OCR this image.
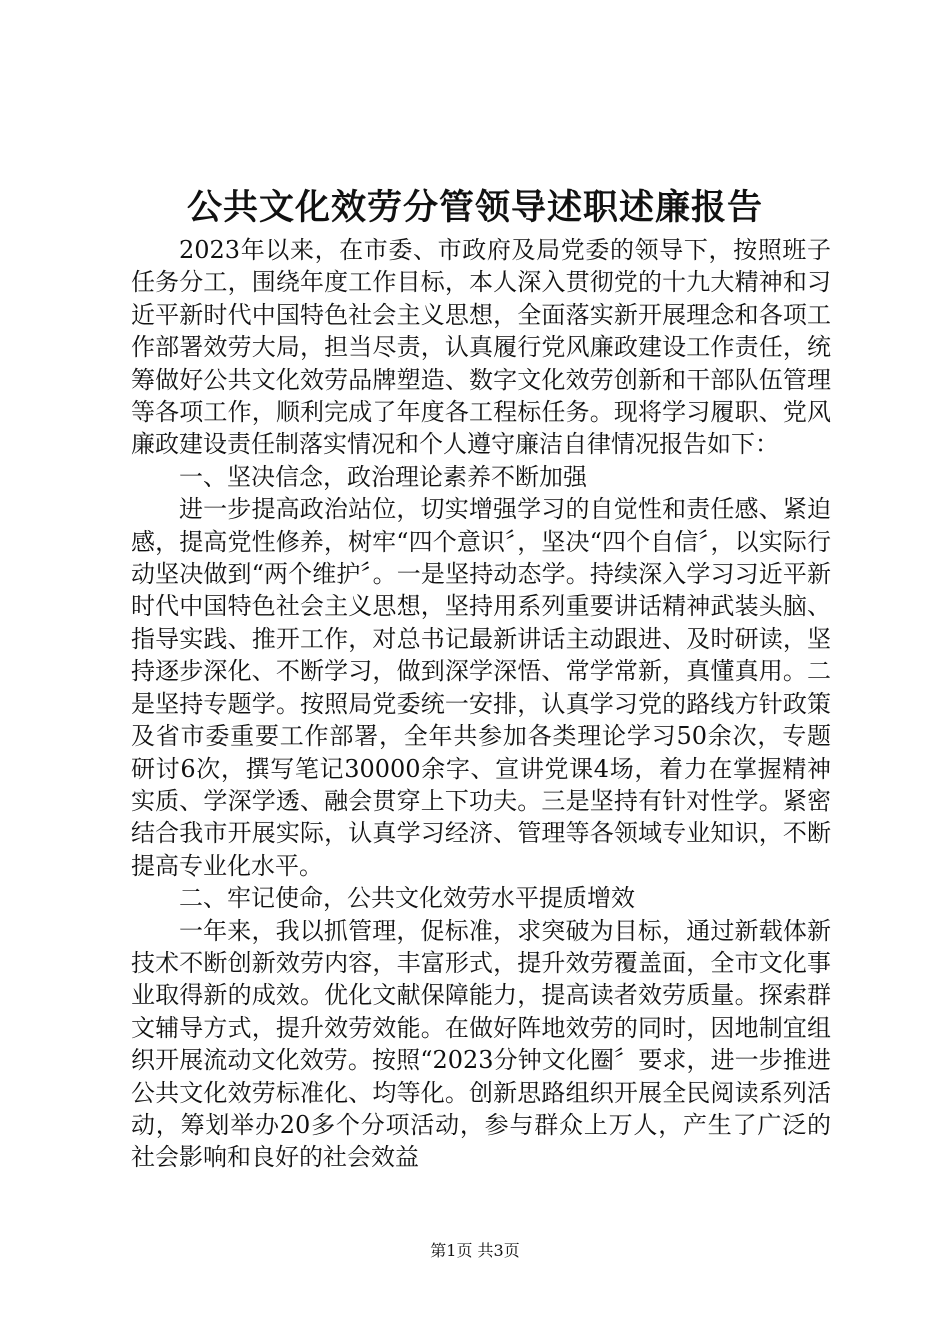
公共文化效劳分管领导述职述廉报告

2023年以来，在市委、市政府及局党委的领导下，按照班子任务分工，围绕年度工作目标，本人深入贯彻党的十九大精神和习近平新时代中国特色社会主义思想，全面落实新开展理念和各项工作部署效劳大局，担当尽责，认真履行党风廉政建设工作责任，统筹做好公共文化效劳品牌塑造、数字文化效劳创新和干部队伍管理等各项工作，顺利完成了年度各工程标任务。现将学习履职、党风廉政建设责任制落实情况和个人遵守廉洁自律情况报告如下：

一、坚决信念，政治理论素养不断加强

进一步提高政治站位，切实增强学习的自觉性和责任感、紧迫感，提高党性修养，树牢“四个意识〞，坚决“四个自信〞，以实际行动坚决做到“两个维护〞。一是坚持动态学。持续深入学习习近平新时代中国特色社会主义思想，坚持用系列重要讲话精神武装头脑、指导实践、推开工作，对总书记最新讲话主动跟进、及时研读，坚持逐步深化、不断学习，做到深学深悟、常学常新，真懂真用。二是坚持专题学。按照局党委统一安排，认真学习党的路线方针政策及省市委重要工作部署，全年共参加各类理论学习50余次，专题研讨6次，撰写笔记30000余字、宣讲党课4场，着力在掌握精神实质、学深学透、融会贯穿上下功夫。三是坚持有针对性学。紧密结合我市开展实际，认真学习经济、管理等各领域专业知识，不断提高专业化水平。

二、牢记使命，公共文化效劳水平提质增效

一年来，我以抓管理，促标准，求突破为目标，通过新载体新技术不断创新效劳内容，丰富形式，提升效劳覆盖面，全市文化事业取得新的成效。优化文献保障能力，提高读者效劳质量。探索群文辅导方式，提升效劳效能。在做好阵地效劳的同时，因地制宜组织开展流动文化效劳。按照“2023分钟文化圈〞要求，进一步推进公共文化效劳标准化、均等化。创新思路组织开展全民阅读系列活动，筹划举办20多个分项活动，参与群众上万人，产生了广泛的社会影响和良好的社会效益

第1页 共3页
